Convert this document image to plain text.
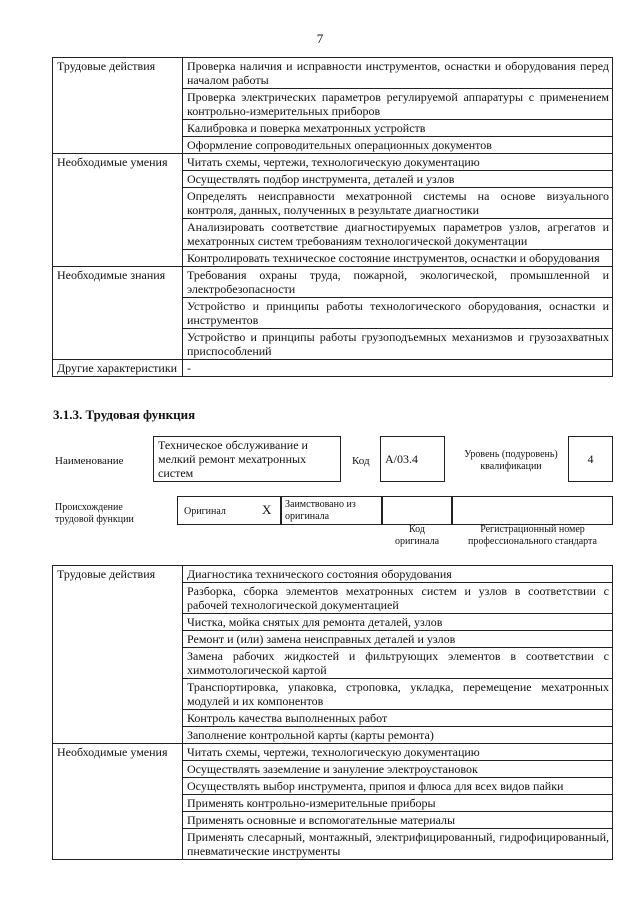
7
Трудовые действия	Проверка наличия и исправности инструментов, оснастки и оборудования перед началом работы
	Проверка электрических параметров регулируемой аппаратуры с применением контрольно-измерительных приборов
	Калибровка и поверка мехатронных устройств
	Оформление сопроводительных операционных документов
Необходимые умения	Читать схемы, чертежи, технологическую документацию
	Осуществлять подбор инструмента, деталей и узлов
	Определять неисправности мехатронной системы на основе визуального контроля, данных, полученных в результате диагностики
	Анализировать соответствие диагностируемых параметров узлов, агрегатов и мехатронных систем требованиям технологической документации
	Контролировать техническое состояние инструментов, оснастки и оборудования
Необходимые знания	Требования охраны труда, пожарной, экологической, промышленной и электробезопасности
	Устройство и принципы работы технологического оборудования, оснастки и инструментов
	Устройство и принципы работы грузоподъемных механизмов и грузозахватных приспособлений
Другие характеристики	-
3.1.3. Трудовая функция
Наименование
Техническое обслуживание и мелкий ремонт мехатронных систем
Код	A/03.4	Уровень (подуровень) квалификации
4
Происхождение трудовой функции
Оригинал	X	Заимствовано из оригинала
Код оригинала
Регистрационный номер профессионального стандарта
Трудовые действия	Диагностика технического состояния оборудования
	Разборка, сборка элементов мехатронных систем и узлов в соответствии с рабочей технологической документацией
	Чистка, мойка снятых для ремонта деталей, узлов
	Ремонт и (или) замена неисправных деталей и узлов
	Замена рабочих жидкостей и фильтрующих элементов в соответствии с химмотологической картой
	Транспортировка, упаковка, строповка, укладка, перемещение мехатронных модулей и их компонентов
	Контроль качества выполненных работ
	Заполнение контрольной карты (карты ремонта)
Необходимые умения	Читать схемы, чертежи, технологическую документацию
	Осуществлять заземление и зануление электроустановок
	Осуществлять выбор инструмента, припоя и флюса для всех видов пайки
	Применять контрольно-измерительные приборы
	Применять основные и вспомогательные материалы
	Применять слесарный, монтажный, электрифицированный, гидрофицированный, пневматические инструменты
